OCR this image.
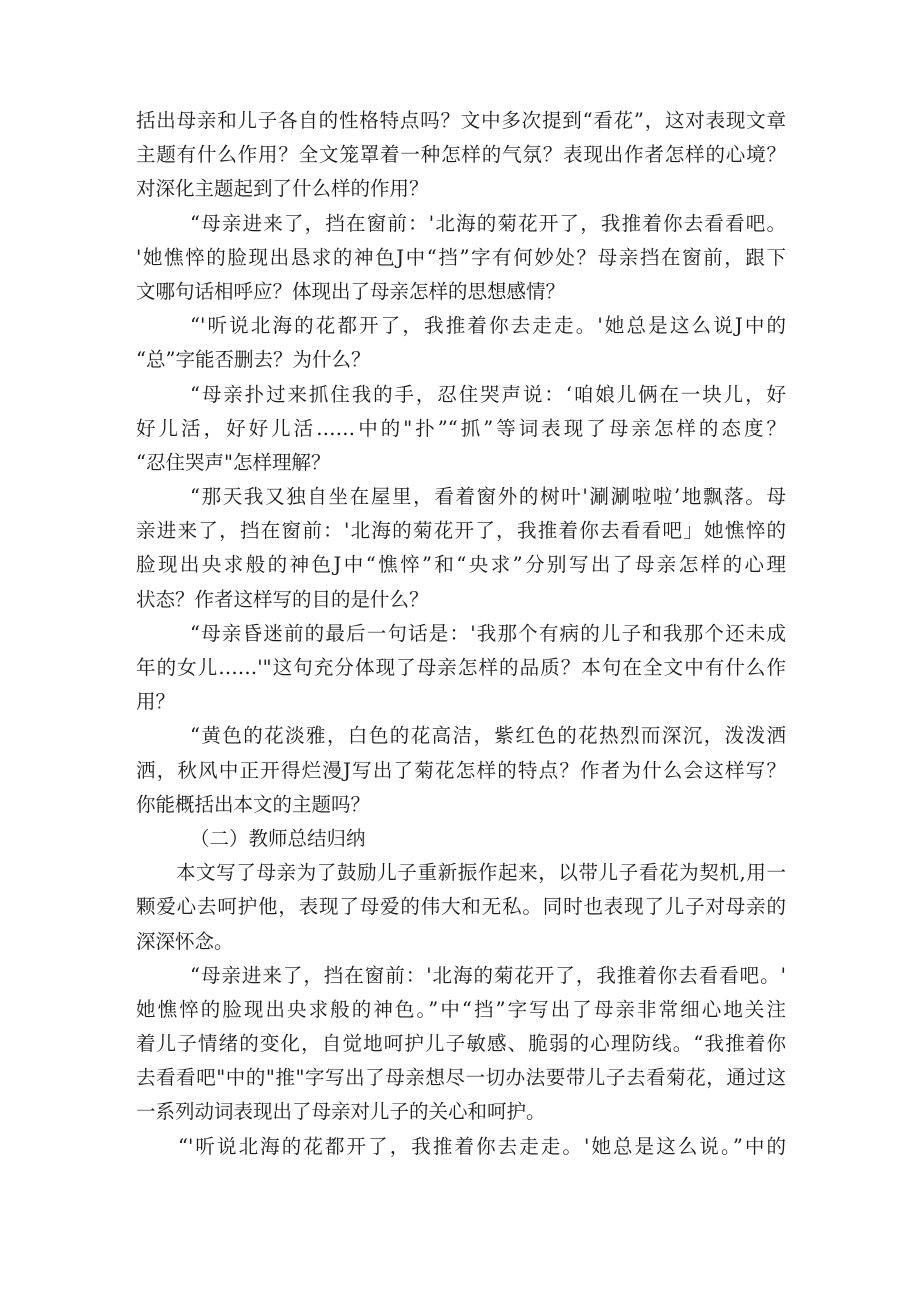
括出母亲和儿子各自的性格特点吗？文中多次提到“看花”，这对表现文章
主题有什么作用？全文笼罩着一种怎样的气氛？表现出作者怎样的心境？
对深化主题起到了什么样的作用？
“母亲进来了，挡在窗前：'北海的菊花开了，我推着你去看看吧。
'她憔悴的脸现出恳求的神色J中“挡”字有何妙处？母亲挡在窗前，跟下
文哪句话相呼应？体现出了母亲怎样的思想感情？
“'听说北海的花都开了，我推着你去走走。'她总是这么说J中的
“总”字能否删去？为什么？
“母亲扑过来抓住我的手，忍住哭声说：‘咱娘儿俩在一块儿，好
好儿活，好好儿活……中的"扑”“抓”等词表现了母亲怎样的态度？
“忍住哭声"怎样理解？
“那天我又独自坐在屋里，看着窗外的树叶'涮涮啦啦’地飘落。母
亲进来了，挡在窗前：'北海的菊花开了，我推着你去看看吧」她憔悴的
脸现出央求般的神色J中“憔悴”和“央求”分别写出了母亲怎样的心理
状态？作者这样写的目的是什么？
“母亲昏迷前的最后一句话是：'我那个有病的儿子和我那个还未成
年的女儿……'"这句充分体现了母亲怎样的品质？本句在全文中有什么作
用？
“黄色的花淡雅，白色的花高洁，紫红色的花热烈而深沉，泼泼洒
洒，秋风中正开得烂漫J写出了菊花怎样的特点？作者为什么会这样写？
你能概括出本文的主题吗？
（二）教师总结归纳
本文写了母亲为了鼓励儿子重新振作起来，以带儿子看花为契机,用一
颗爱心去呵护他，表现了母爱的伟大和无私。同时也表现了儿子对母亲的
深深怀念。
“母亲进来了，挡在窗前：'北海的菊花开了，我推着你去看看吧。'
她憔悴的脸现出央求般的神色。”中“挡”字写出了母亲非常细心地关注
着儿子情绪的变化，自觉地呵护儿子敏感、脆弱的心理防线。“我推着你
去看看吧"中的"推"字写出了母亲想尽一切办法要带儿子去看菊花，通过这
一系列动词表现出了母亲对儿子的关心和呵护。
“'听说北海的花都开了，我推着你去走走。'她总是这么说。”中的
